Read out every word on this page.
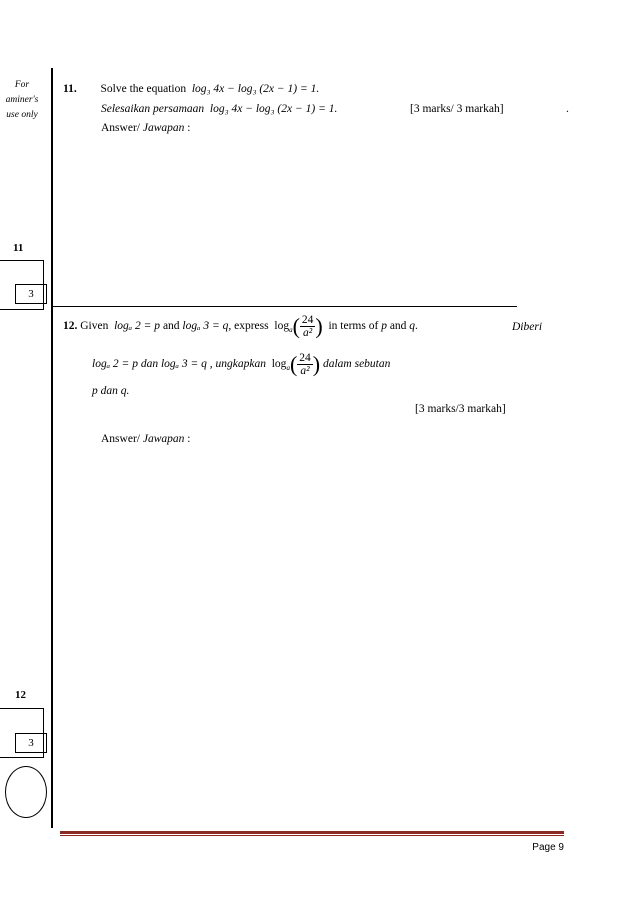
For
aminer's
use only
11
3
11. Solve the equation log₃ 4x − log₃ (2x − 1) = 1.
Selesaikan persamaan log₃ 4x − log₃ (2x − 1) = 1.	[3 marks/ 3 markah]	.
Answer/ Jawapan :
12. Given logₐ 2 = p and logₐ 3 = q, express $\log_a( \frac{24}{\text{a²}}$ ) in terms of p and q.	Diberi
logₐ 2 = p dan logₐ 3 = q , ungkapkan $\log_a( \frac{24}{\text{a²}}$ ) dalam sebutan
p dan q.
[3 marks/3 markah]
Answer/ Jawapan :
12
3
Page 9
